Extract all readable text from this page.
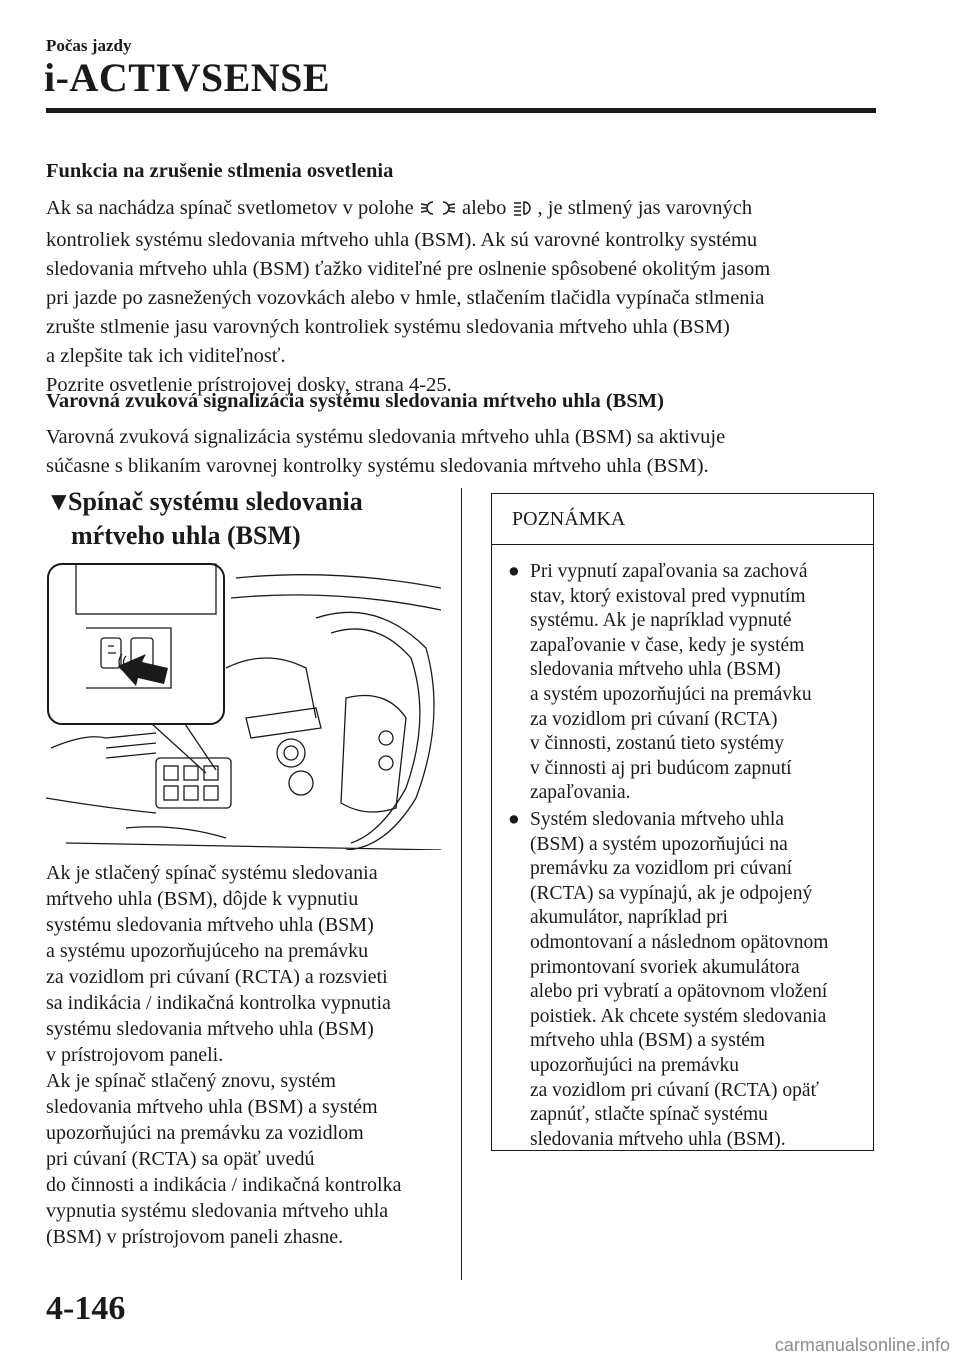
Počas jazdy
i-ACTIVSENSE
Funkcia na zrušenie stlmenia osvetlenia
Ak sa nachádza spínač svetlometov v polohe  alebo , je stlmený jas varovných
kontroliek systému sledovania mŕtveho uhla (BSM). Ak sú varovné kontrolky systému
sledovania mŕtveho uhla (BSM) ťažko viditeľné pre oslnenie spôsobené okolitým jasom
pri jazde po zasnežených vozovkách alebo v hmle, stlačením tlačidla vypínača stlmenia
zrušte stlmenie jasu varovných kontroliek systému sledovania mŕtveho uhla (BSM)
a zlepšite tak ich viditeľnosť.
Pozrite osvetlenie prístrojovej dosky, strana 4-25.
Varovná zvuková signalizácia systému sledovania mŕtveho uhla (BSM)
Varovná zvuková signalizácia systému sledovania mŕtveho uhla (BSM) sa aktivuje
súčasne s blikaním varovnej kontrolky systému sledovania mŕtveho uhla (BSM).
▼Spínač systému sledovania
mŕtveho uhla (BSM)
Ak je stlačený spínač systému sledovania
mŕtveho uhla (BSM), dôjde k vypnutiu
systému sledovania mŕtveho uhla (BSM)
a systému upozorňujúceho na premávku
za vozidlom pri cúvaní (RCTA) a rozsvieti
sa indikácia / indikačná kontrolka vypnutia
systému sledovania mŕtveho uhla (BSM)
v prístrojovom paneli.
Ak je spínač stlačený znovu, systém
sledovania mŕtveho uhla (BSM) a systém
upozorňujúci na premávku za vozidlom
pri cúvaní (RCTA) sa opäť uvedú
do činnosti a indikácia / indikačná kontrolka
vypnutia systému sledovania mŕtveho uhla
(BSM) v prístrojovom paneli zhasne.
POZNÁMKA
● Pri vypnutí zapaľovania sa zachová
stav, ktorý existoval pred vypnutím
systému. Ak je napríklad vypnuté
zapaľovanie v čase, kedy je systém
sledovania mŕtveho uhla (BSM)
a systém upozorňujúci na premávku
za vozidlom pri cúvaní (RCTA)
v činnosti, zostanú tieto systémy
v činnosti aj pri budúcom zapnutí
zapaľovania.
● Systém sledovania mŕtveho uhla
(BSM) a systém upozorňujúci na
premávku za vozidlom pri cúvaní
(RCTA) sa vypínajú, ak je odpojený
akumulátor, napríklad pri
odmontovaní a následnom opätovnom
primontovaní svoriek akumulátora
alebo pri vybratí a opätovnom vložení
poistiek. Ak chcete systém sledovania
mŕtveho uhla (BSM) a systém
upozorňujúci na premávku
za vozidlom pri cúvaní (RCTA) opäť
zapnúť, stlačte spínač systému
sledovania mŕtveho uhla (BSM).
4-146
carmanualsonline.info
